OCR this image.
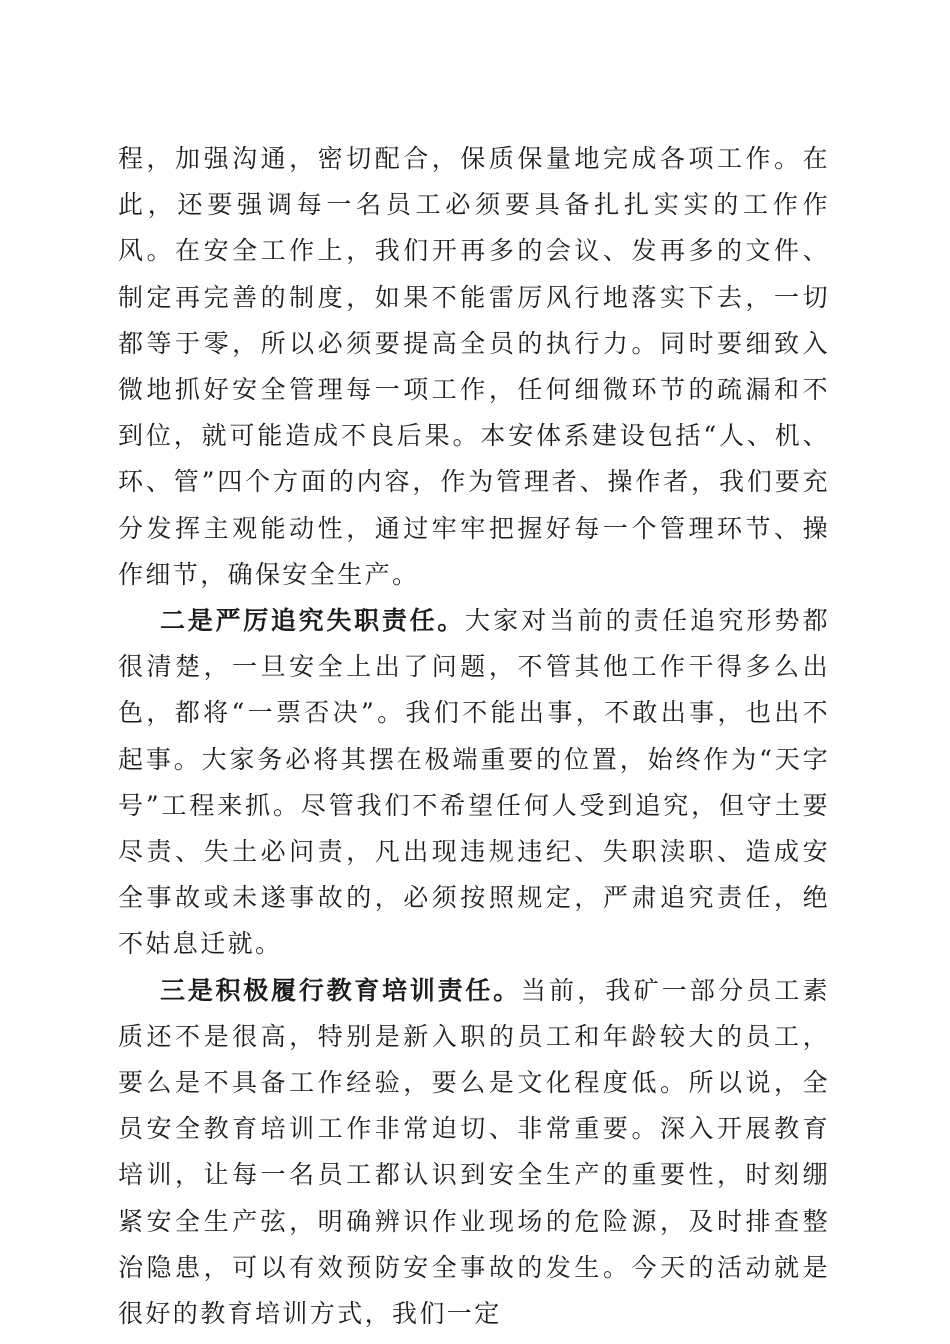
程，加强沟通，密切配合，保质保量地完成各项工作。在此，还要强调每一名员工必须要具备扎扎实实的工作作风。在安全工作上，我们开再多的会议、发再多的文件、制定再完善的制度，如果不能雷厉风行地落实下去，一切都等于零，所以必须要提高全员的执行力。同时要细致入微地抓好安全管理每一项工作，任何细微环节的疏漏和不到位，就可能造成不良后果。本安体系建设包括“人、机、环、管”四个方面的内容，作为管理者、操作者，我们要充分发挥主观能动性，通过牢牢把握好每一个管理环节、操作细节，确保安全生产。

二是严厉追究失职责任。大家对当前的责任追究形势都很清楚，一旦安全上出了问题，不管其他工作干得多么出色，都将“一票否决”。我们不能出事，不敢出事，也出不起事。大家务必将其摆在极端重要的位置，始终作为“天字号”工程来抓。尽管我们不希望任何人受到追究，但守土要尽责、失土必问责，凡出现违规违纪、失职渎职、造成安全事故或未遂事故的，必须按照规定，严肃追究责任，绝不姑息迁就。

三是积极履行教育培训责任。当前，我矿一部分员工素质还不是很高，特别是新入职的员工和年龄较大的员工，要么是不具备工作经验，要么是文化程度低。所以说，全员安全教育培训工作非常迫切、非常重要。深入开展教育培训，让每一名员工都认识到安全生产的重要性，时刻绷紧安全生产弦，明确辨识作业现场的危险源，及时排查整治隐患，可以有效预防安全事故的发生。今天的活动就是很好的教育培训方式，我们一定
